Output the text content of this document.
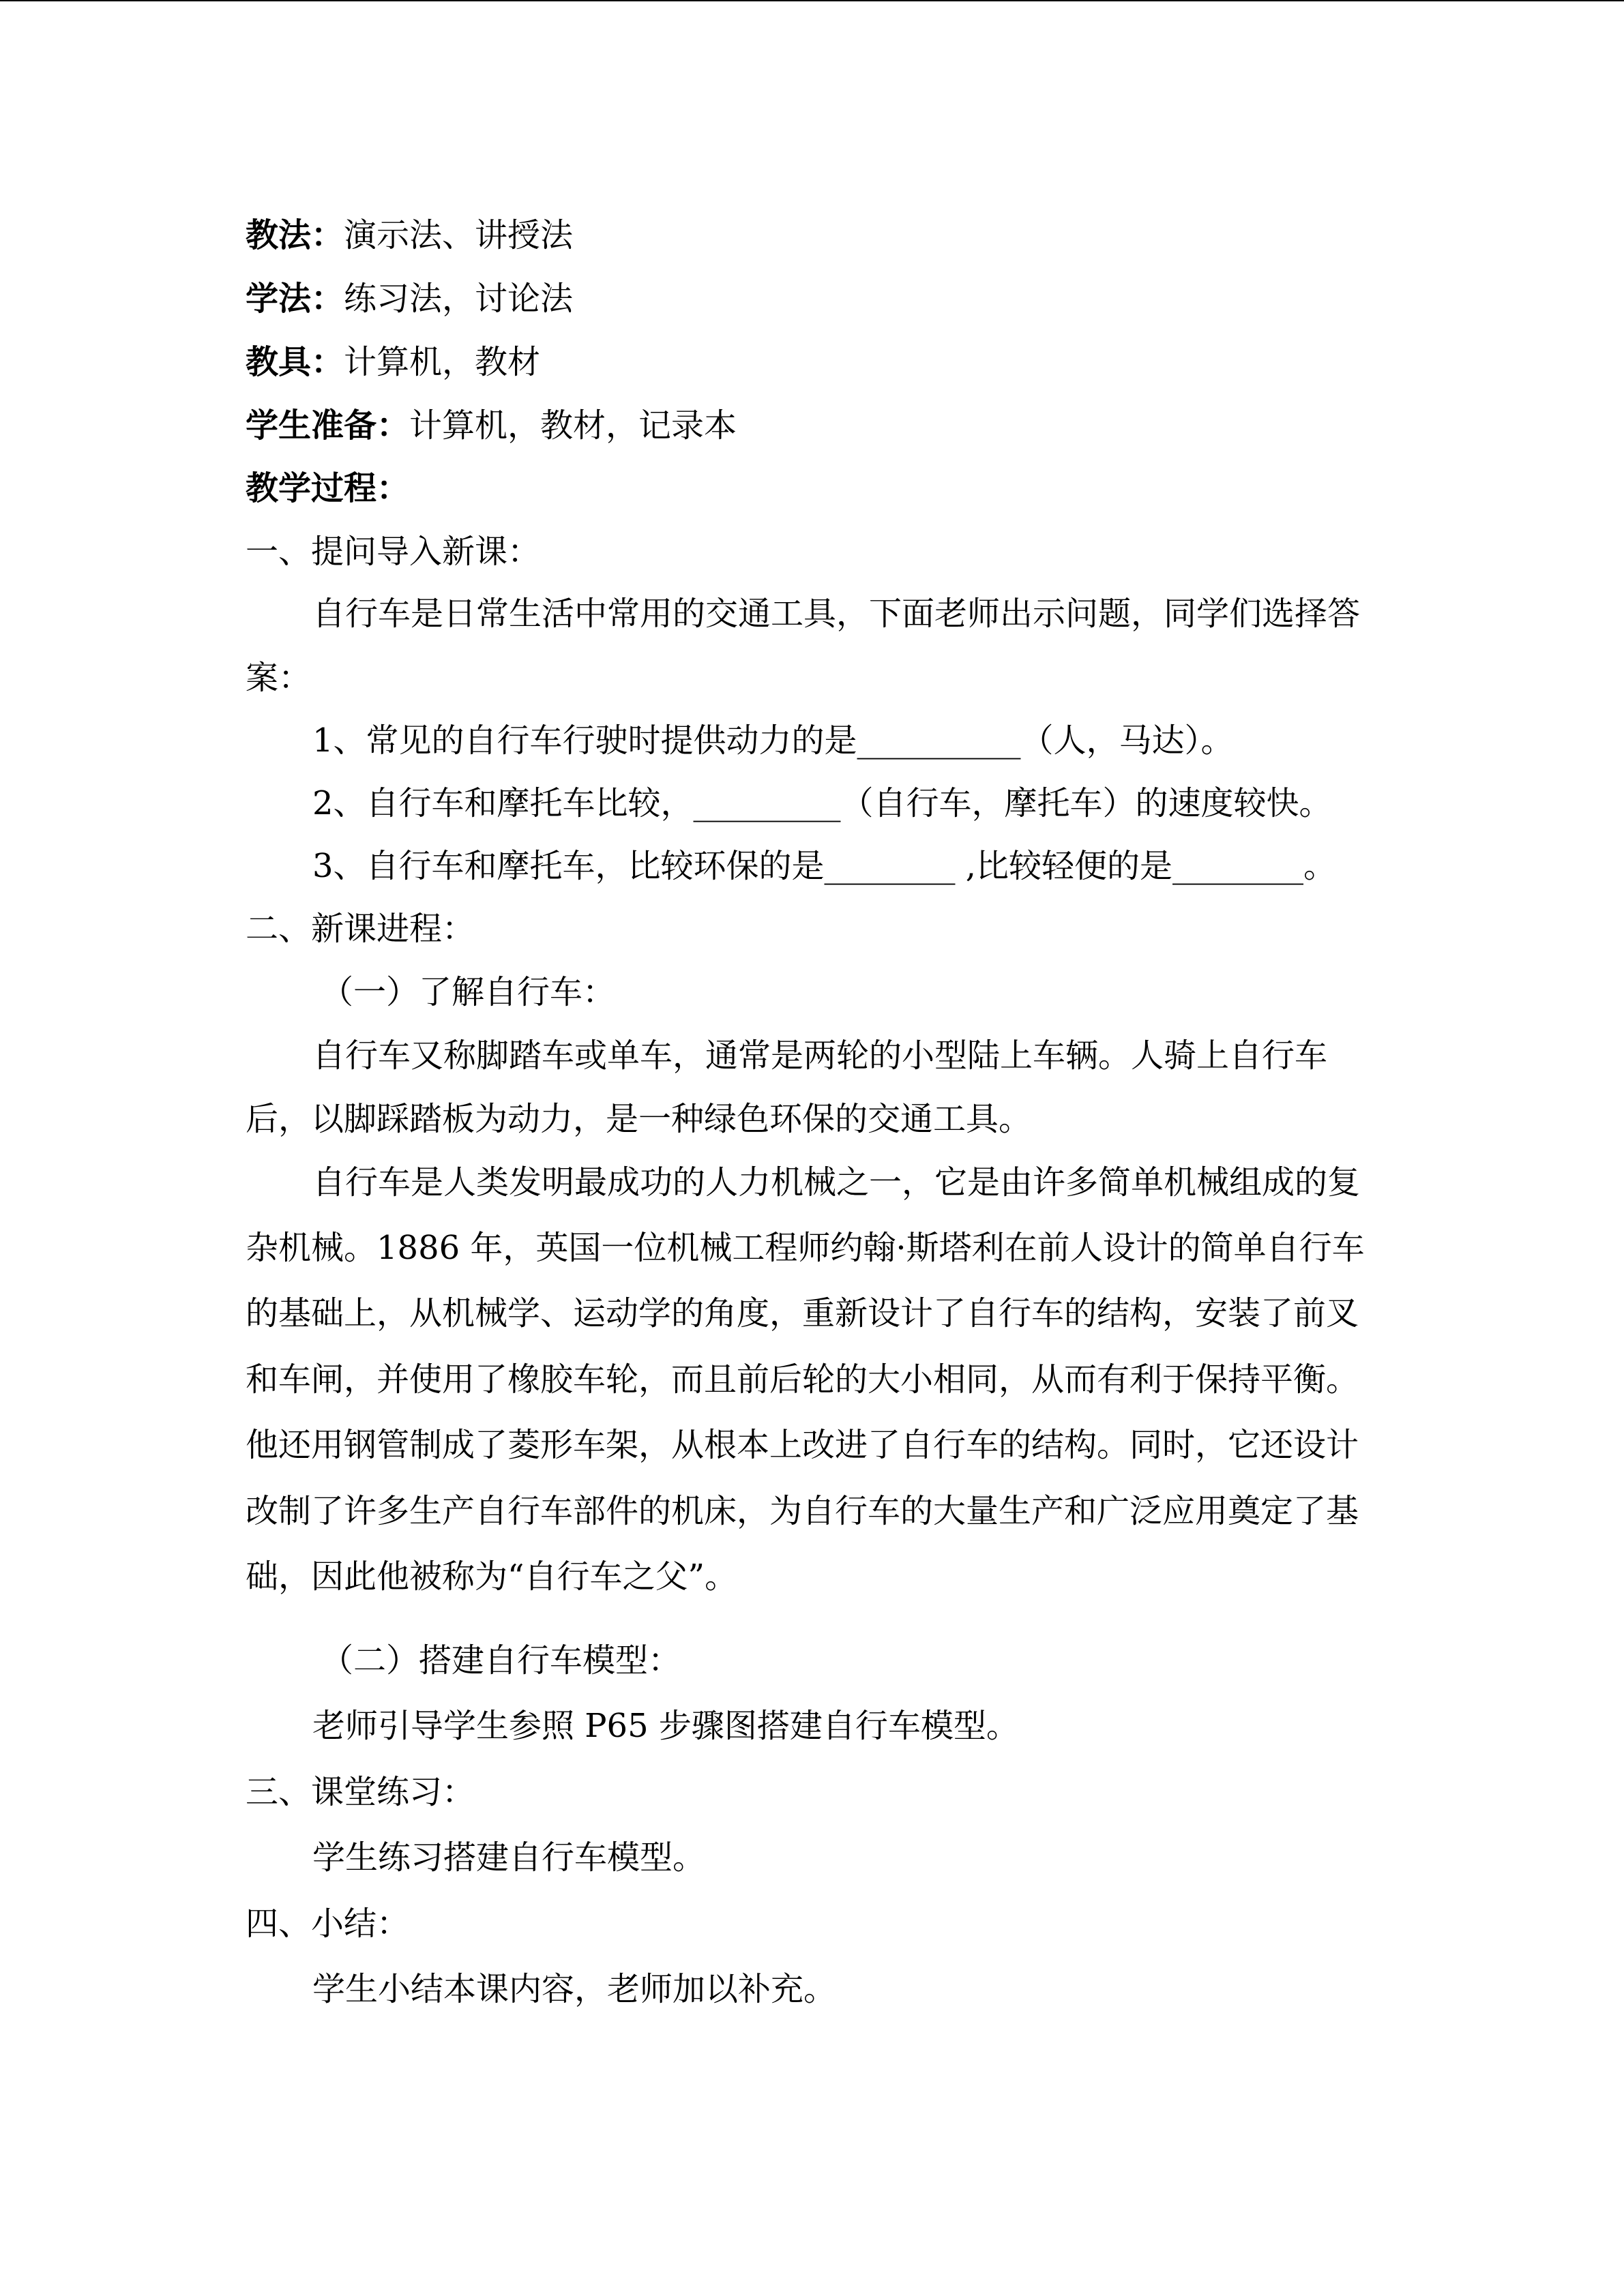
教法：演示法、讲授法
学法：练习法，讨论法
教具：计算机，教材
学生准备：计算机，教材，记录本
教学过程：
一、提问导入新课：
自行车是日常生活中常用的交通工具，下面老师出示问题，同学们选择答
案：
1、常见的自行车行驶时提供动力的是__________（人，马达）。
2、自行车和摩托车比较，_________（自行车，摩托车）的速度较快。
3、自行车和摩托车，比较环保的是________ ,比较轻便的是________。
二、新课进程：
（一）了解自行车：
自行车又称脚踏车或单车，通常是两轮的小型陆上车辆。人骑上自行车
后，以脚踩踏板为动力，是一种绿色环保的交通工具。
自行车是人类发明最成功的人力机械之一，它是由许多简单机械组成的复
杂机械。1886 年，英国一位机械工程师约翰·斯塔利在前人设计的简单自行车
的基础上，从机械学、运动学的角度，重新设计了自行车的结构，安装了前叉
和车闸，并使用了橡胶车轮，而且前后轮的大小相同，从而有利于保持平衡。
他还用钢管制成了菱形车架，从根本上改进了自行车的结构。同时，它还设计
改制了许多生产自行车部件的机床，为自行车的大量生产和广泛应用奠定了基
础，因此他被称为“自行车之父”。
（二）搭建自行车模型：
老师引导学生参照 P65 步骤图搭建自行车模型。
三、课堂练习：
学生练习搭建自行车模型。
四、小结：
学生小结本课内容，老师加以补充。
